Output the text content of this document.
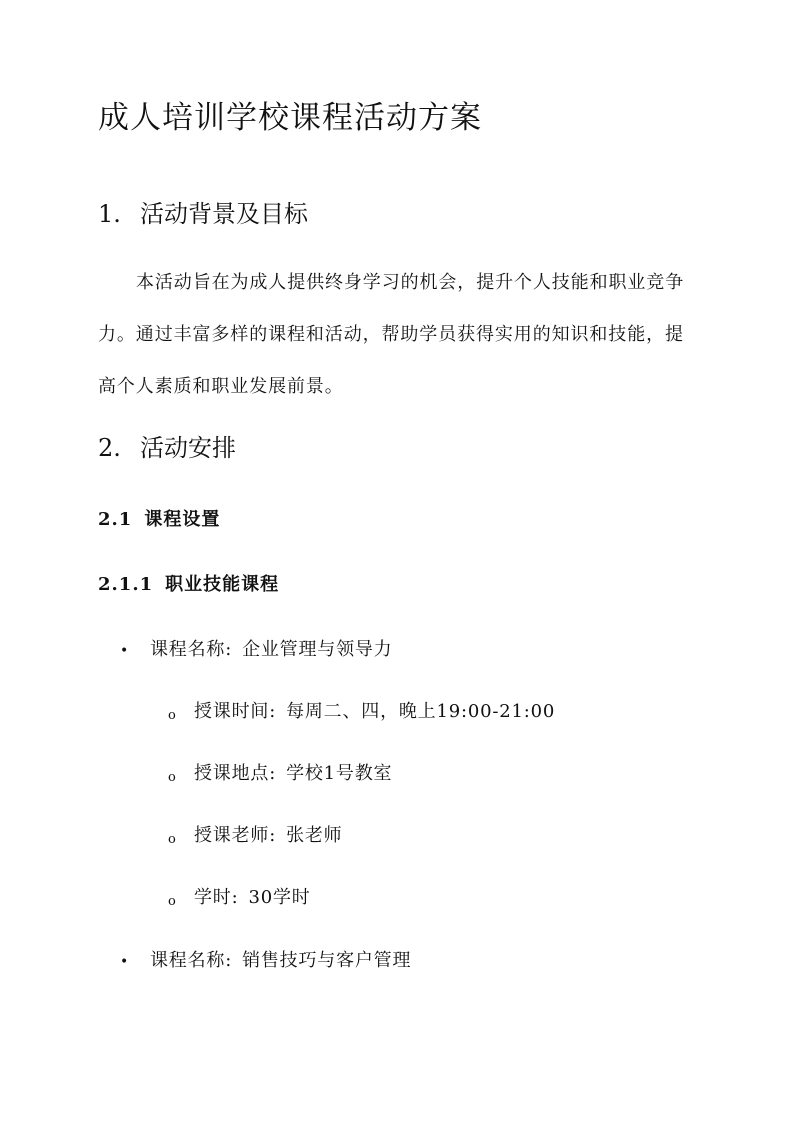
成人培训学校课程活动方案
1. 活动背景及目标

本活动旨在为成人提供终身学习的机会，提升个人技能和职业竞争力。通过丰富多样的课程和活动，帮助学员获得实用的知识和技能，提高个人素质和职业发展前景。

2. 活动安排
2.1 课程设置
2.1.1 职业技能课程
• 课程名称 : 企业管理与领导力
o 授课时间 : 每周二、四，晚上19:00-21:00
o 授课地点 : 学校1号教室
o 授课老师 : 张老师
o 学时 : 30学时
• 课程名称 : 销售技巧与客户管理
